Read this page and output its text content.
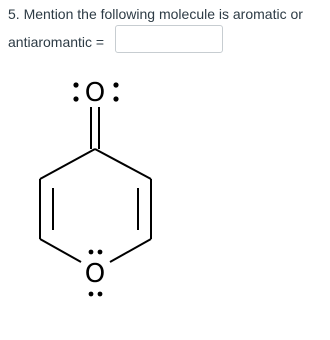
5. Mention the following molecule is aromatic or
antiaromantic =
O
O
